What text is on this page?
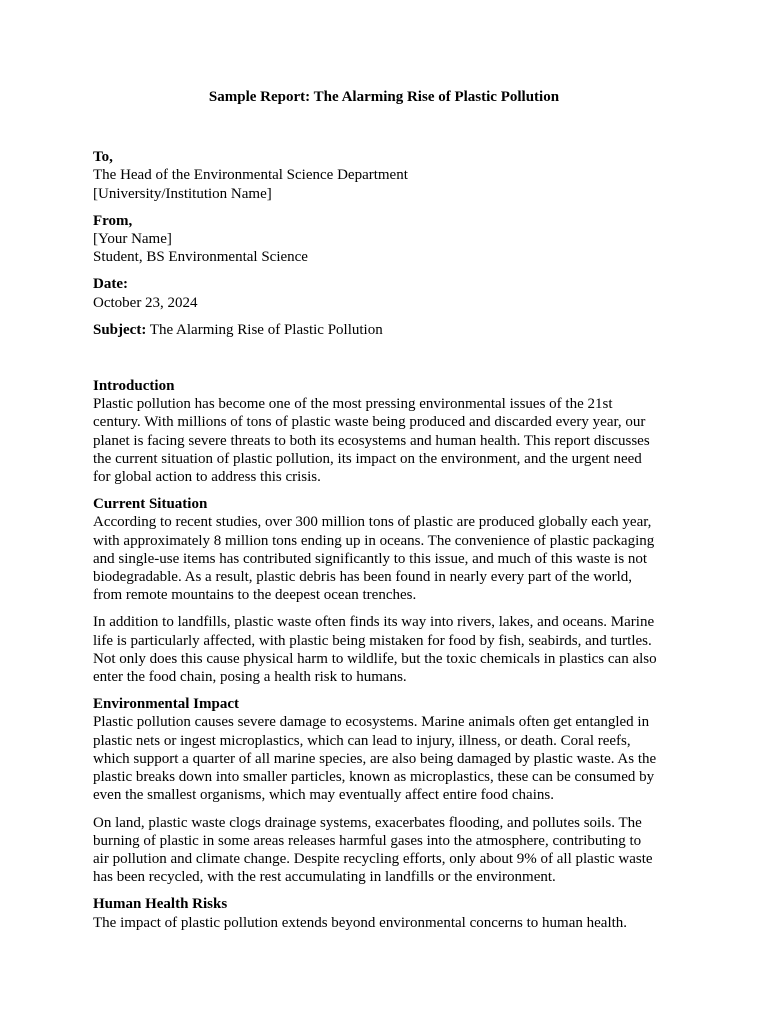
Sample Report: The Alarming Rise of Plastic Pollution
To,
The Head of the Environmental Science Department
[University/Institution Name]
From,
[Your Name]
Student, BS Environmental Science
Date:
October 23, 2024
Subject: The Alarming Rise of Plastic Pollution
Introduction
Plastic pollution has become one of the most pressing environmental issues of the 21st
century. With millions of tons of plastic waste being produced and discarded every year, our
planet is facing severe threats to both its ecosystems and human health. This report discusses
the current situation of plastic pollution, its impact on the environment, and the urgent need
for global action to address this crisis.
Current Situation
According to recent studies, over 300 million tons of plastic are produced globally each year,
with approximately 8 million tons ending up in oceans. The convenience of plastic packaging
and single-use items has contributed significantly to this issue, and much of this waste is not
biodegradable. As a result, plastic debris has been found in nearly every part of the world,
from remote mountains to the deepest ocean trenches.
In addition to landfills, plastic waste often finds its way into rivers, lakes, and oceans. Marine
life is particularly affected, with plastic being mistaken for food by fish, seabirds, and turtles.
Not only does this cause physical harm to wildlife, but the toxic chemicals in plastics can also
enter the food chain, posing a health risk to humans.
Environmental Impact
Plastic pollution causes severe damage to ecosystems. Marine animals often get entangled in
plastic nets or ingest microplastics, which can lead to injury, illness, or death. Coral reefs,
which support a quarter of all marine species, are also being damaged by plastic waste. As the
plastic breaks down into smaller particles, known as microplastics, these can be consumed by
even the smallest organisms, which may eventually affect entire food chains.
On land, plastic waste clogs drainage systems, exacerbates flooding, and pollutes soils. The
burning of plastic in some areas releases harmful gases into the atmosphere, contributing to
air pollution and climate change. Despite recycling efforts, only about 9% of all plastic waste
has been recycled, with the rest accumulating in landfills or the environment.
Human Health Risks
The impact of plastic pollution extends beyond environmental concerns to human health.
